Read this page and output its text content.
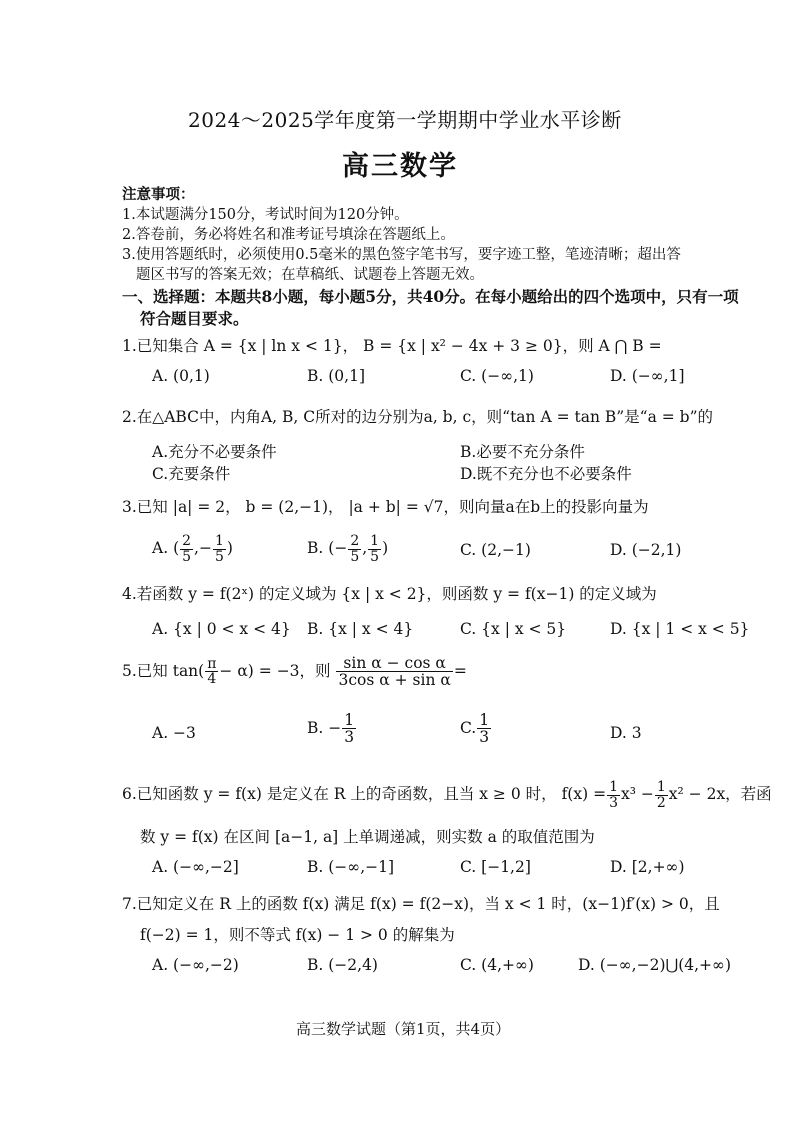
2024～2025学年度第一学期期中学业水平诊断
高三数学
注意事项：
1.本试题满分150分，考试时间为120分钟。
2.答卷前，务必将姓名和准考证号填涂在答题纸上。
3.使用答题纸时，必须使用0.5毫米的黑色签字笔书写，要字迹工整，笔迹清晰；超出答
题区书写的答案无效；在草稿纸、试题卷上答题无效。
一、选择题：本题共8小题，每小题5分，共40分。在每小题给出的四个选项中，只有一项
符合题目要求。
1.已知集合 A = {x | ln x < 1}， B = {x | x² − 4x + 3 ≥ 0}，则 A ⋂ B =
A. (0,1)	B. (0,1]	C. (−∞,1)	D. (−∞,1]
2.在△ABC中，内角A, B, C所对的边分别为a, b, c，则“tan A = tan B”是“a = b”的
A.充分不必要条件	B.必要不充分条件
C.充要条件	D.既不充分也不必要条件
3.已知 |a| = 2， b = (2,−1)， |a + b| = √7，则向量a在b上的投影向量为
A. ( $\frac{2}{5}$ ,− $\frac{1}{5}$ )	B. (− $\frac{2}{5}$ , $\frac{1}{5}$ )	C. (2,−1)	D. (−2,1)
4.若函数 y = f(2ˣ) 的定义域为 {x | x < 2}，则函数 y = f(x−1) 的定义域为
A. {x | 0 < x < 4} B. {x | x < 4}	C. {x | x < 5}	D. {x | 1 < x < 5}
5.已知 $\tan( \frac{\pi}{4} - \alpha) = -3$，则 $\frac{\text{sin α − cos α}}{\text{3cos α + sin α}}$ =
A. −3	B. − $\frac{1}{3}$	C. $\frac{1}{3}$	D. 3
6.已知函数 y = f(x) 是定义在 R 上的奇函数，且当 x ≥ 0 时， $f(x) = \frac{1}{3} x^3 - \frac{1}{2} x^2 - 2x$，若函
数 y = f(x) 在区间 [a−1, a] 上单调递减，则实数 a 的取值范围为
A. (−∞,−2]	B. (−∞,−1]	C. [−1,2]	D. [2,+∞)
7.已知定义在 R 上的函数 f(x) 满足 f(x) = f(2−x)，当 x < 1 时，(x−1)f′(x) > 0，且
f(−2) = 1，则不等式 f(x) − 1 > 0 的解集为
A. (−∞,−2)	B. (−2,4)	C. (4,+∞)	D. (−∞,−2)⋃(4,+∞)
高三数学试题（第1页，共4页）
